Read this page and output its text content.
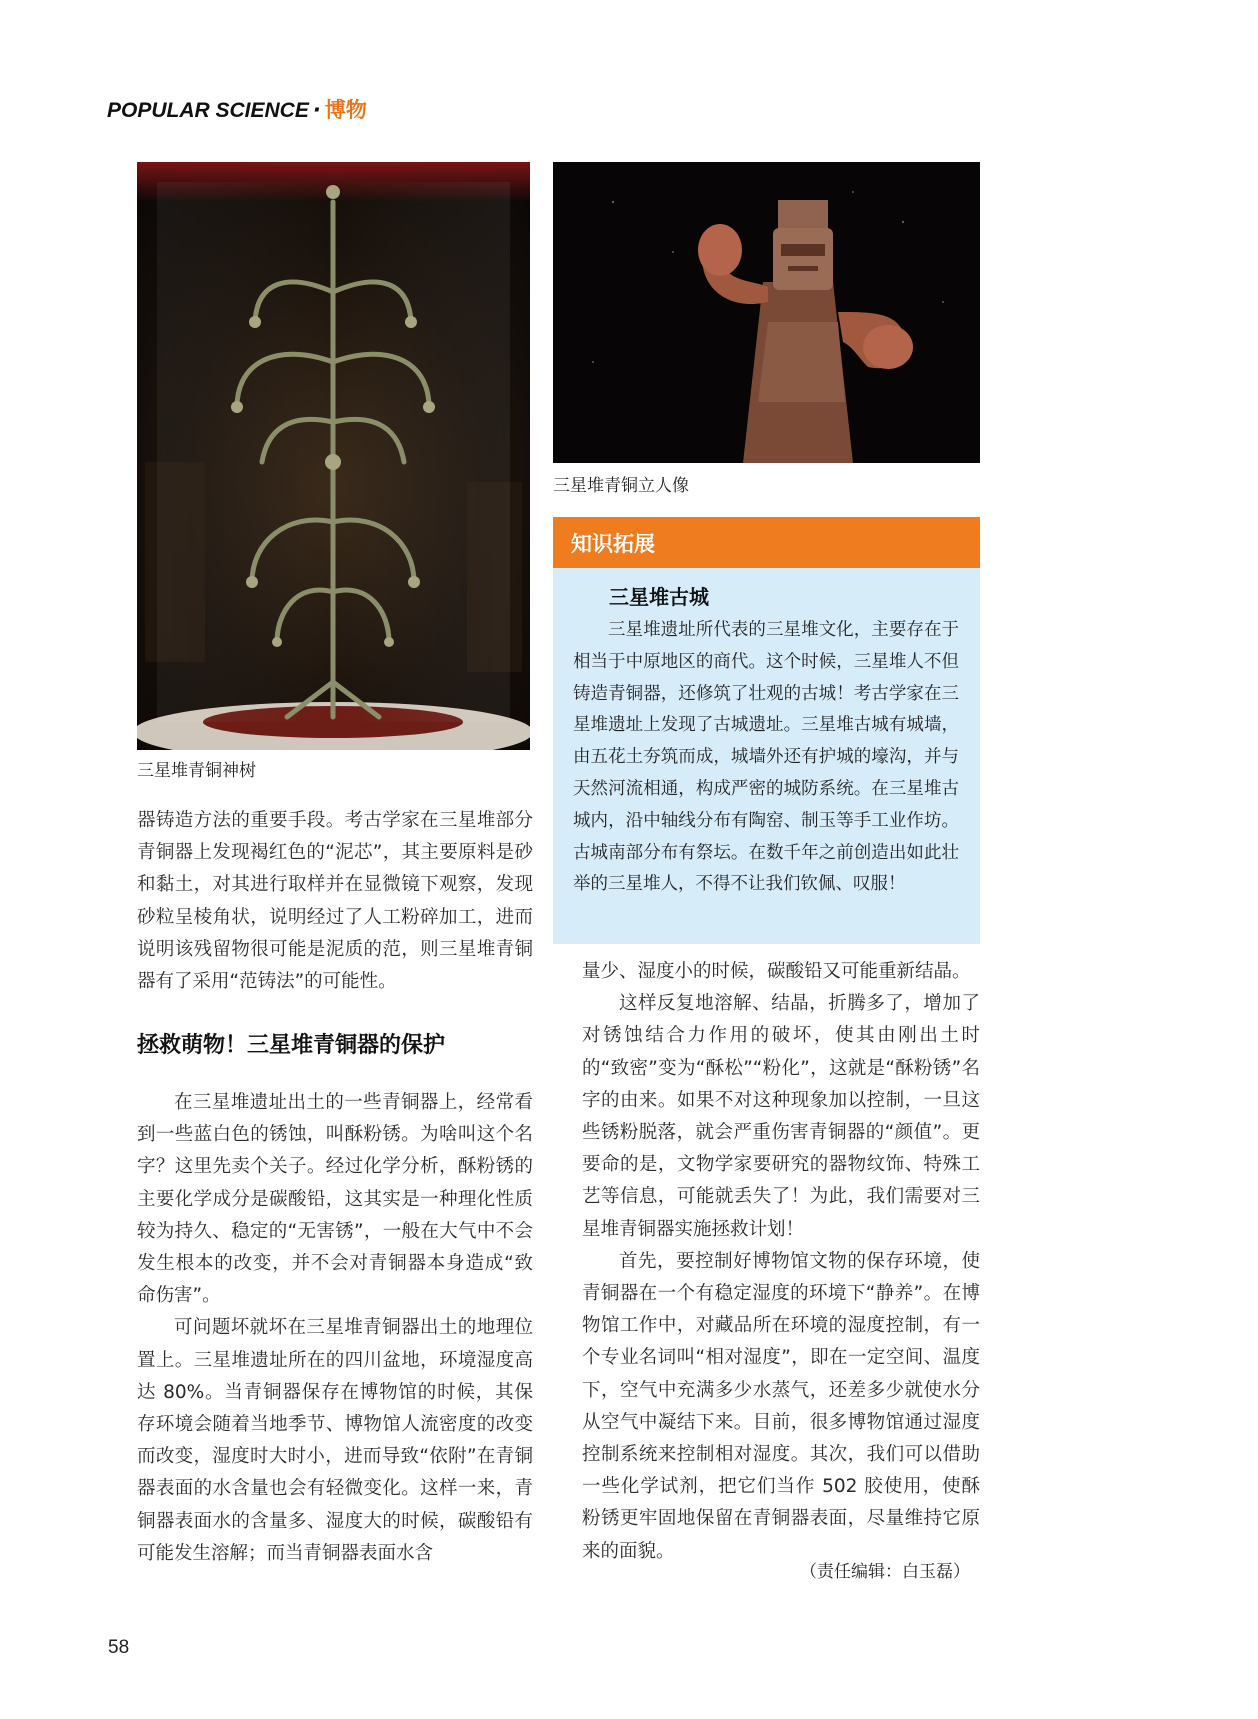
POPULAR SCIENCE · 博物
三星堆青铜神树
三星堆青铜立人像
知识拓展
三星堆古城

三星堆遗址所代表的三星堆文化，主要存在于相当于中原地区的商代。这个时候，三星堆人不但铸造青铜器，还修筑了壮观的古城！考古学家在三星堆遗址上发现了古城遗址。三星堆古城有城墙，由五花土夯筑而成，城墙外还有护城的壕沟，并与天然河流相通，构成严密的城防系统。在三星堆古城内，沿中轴线分布有陶窑、制玉等手工业作坊。古城南部分布有祭坛。在数千年之前创造出如此壮举的三星堆人，不得不让我们钦佩、叹服！

器铸造方法的重要手段。考古学家在三星堆部分青铜器上发现褐红色的“泥芯”，其主要原料是砂和黏土，对其进行取样并在显微镜下观察，发现砂粒呈棱角状，说明经过了人工粉碎加工，进而说明该残留物很可能是泥质的范，则三星堆青铜器有了采用“范铸法”的可能性。

拯救萌物！三星堆青铜器的保护

在三星堆遗址出土的一些青铜器上，经常看到一些蓝白色的锈蚀，叫酥粉锈。为啥叫这个名字？这里先卖个关子。经过化学分析，酥粉锈的主要化学成分是碳酸铅，这其实是一种理化性质较为持久、稳定的“无害锈”，一般在大气中不会发生根本的改变，并不会对青铜器本身造成“致命伤害”。

可问题坏就坏在三星堆青铜器出土的地理位置上。三星堆遗址所在的四川盆地，环境湿度高达 80%。当青铜器保存在博物馆的时候，其保存环境会随着当地季节、博物馆人流密度的改变而改变，湿度时大时小，进而导致“依附”在青铜器表面的水含量也会有轻微变化。这样一来，青铜器表面水的含量多、湿度大的时候，碳酸铅有可能发生溶解；而当青铜器表面水含

量少、湿度小的时候，碳酸铅又可能重新结晶。

这样反复地溶解、结晶，折腾多了，增加了对锈蚀结合力作用的破坏，使其由刚出土时的“致密”变为“酥松”“粉化”，这就是“酥粉锈”名字的由来。如果不对这种现象加以控制，一旦这些锈粉脱落，就会严重伤害青铜器的“颜值”。更要命的是，文物学家要研究的器物纹饰、特殊工艺等信息，可能就丢失了！为此，我们需要对三星堆青铜器实施拯救计划！

首先，要控制好博物馆文物的保存环境，使青铜器在一个有稳定湿度的环境下“静养”。在博物馆工作中，对藏品所在环境的湿度控制，有一个专业名词叫“相对湿度”，即在一定空间、温度下，空气中充满多少水蒸气，还差多少就使水分从空气中凝结下来。目前，很多博物馆通过湿度控制系统来控制相对湿度。其次，我们可以借助一些化学试剂，把它们当作 502 胶使用，使酥粉锈更牢固地保留在青铜器表面，尽量维持它原来的面貌。

（责任编辑：白玉磊）
58
